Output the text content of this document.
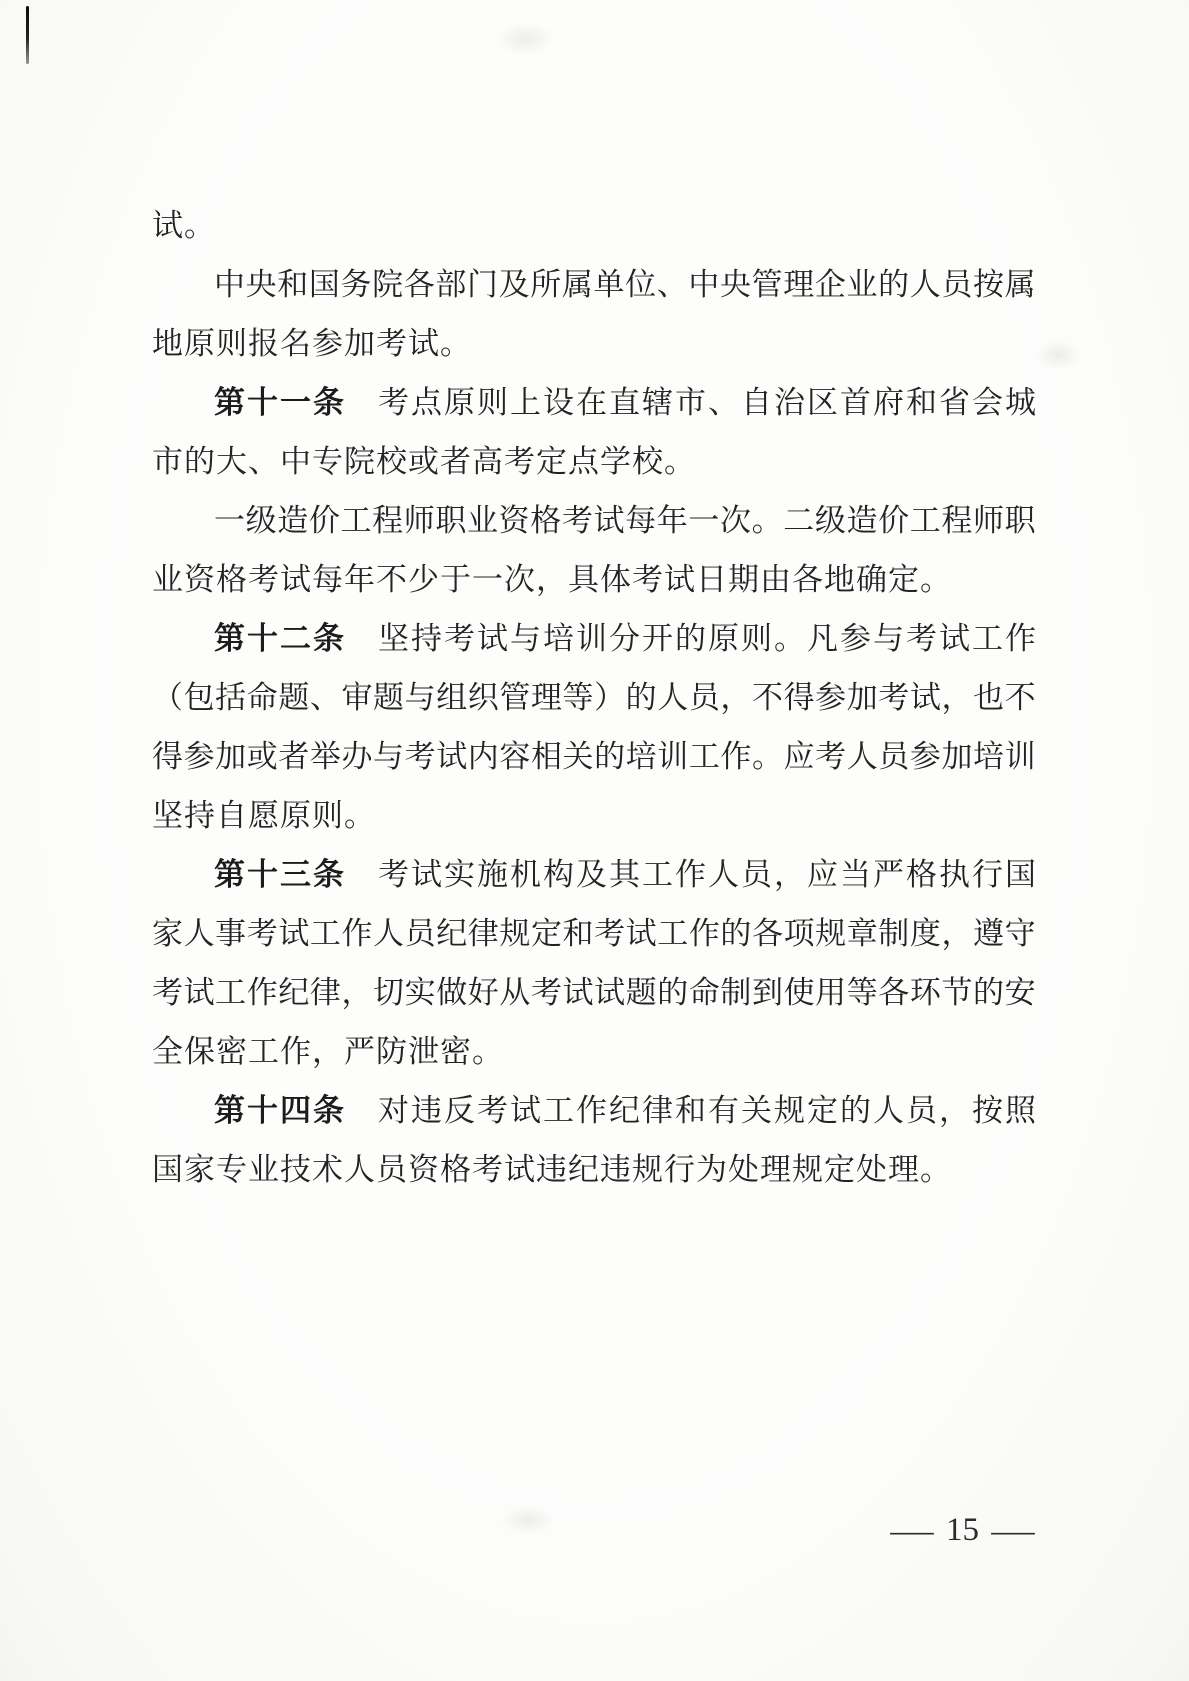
试。
中 央 和 国 务 院 各 部 门 及 所 属 单 位 、 中 央 管 理 企 业 的 人 员 按 属
地原则报名参加考试。
第 十 一 条 考 点 原 则 上 设 在 直 辖 市 、 自 治 区 首 府 和 省 会 城
市的大、中专院校或者高考定点学校。
一 级 造 价 工 程 师 职 业 资 格 考 试 每 年 一 次 。 二 级 造 价 工 程 师 职
业资格考试每年不少于一次，具体考试日期由各地确定。
第 十 二 条 坚 持 考 试 与 培 训 分 开 的 原 则 。 凡 参 与 考 试 工 作
（ 包 括 命 题 、 审 题 与 组 织 管 理 等 ） 的 人 员 ， 不 得 参 加 考 试 ， 也 不
得 参 加 或 者 举 办 与 考 试 内 容 相 关 的 培 训 工 作 。 应 考 人 员 参 加 培 训
坚持自愿原则。
第 十 三 条 考 试 实 施 机 构 及 其 工 作 人 员 ， 应 当 严 格 执 行 国
家 人 事 考 试 工 作 人 员 纪 律 规 定 和 考 试 工 作 的 各 项 规 章 制 度 ， 遵 守
考 试 工 作 纪 律 ， 切 实 做 好 从 考 试 试 题 的 命 制 到 使 用 等 各 环 节 的 安
全保密工作，严防泄密。
第 十 四 条 对 违 反 考 试 工 作 纪 律 和 有 关 规 定 的 人 员 ， 按 照
国家专业技术人员资格考试违纪违规行为处理规定处理。
— 15 —
